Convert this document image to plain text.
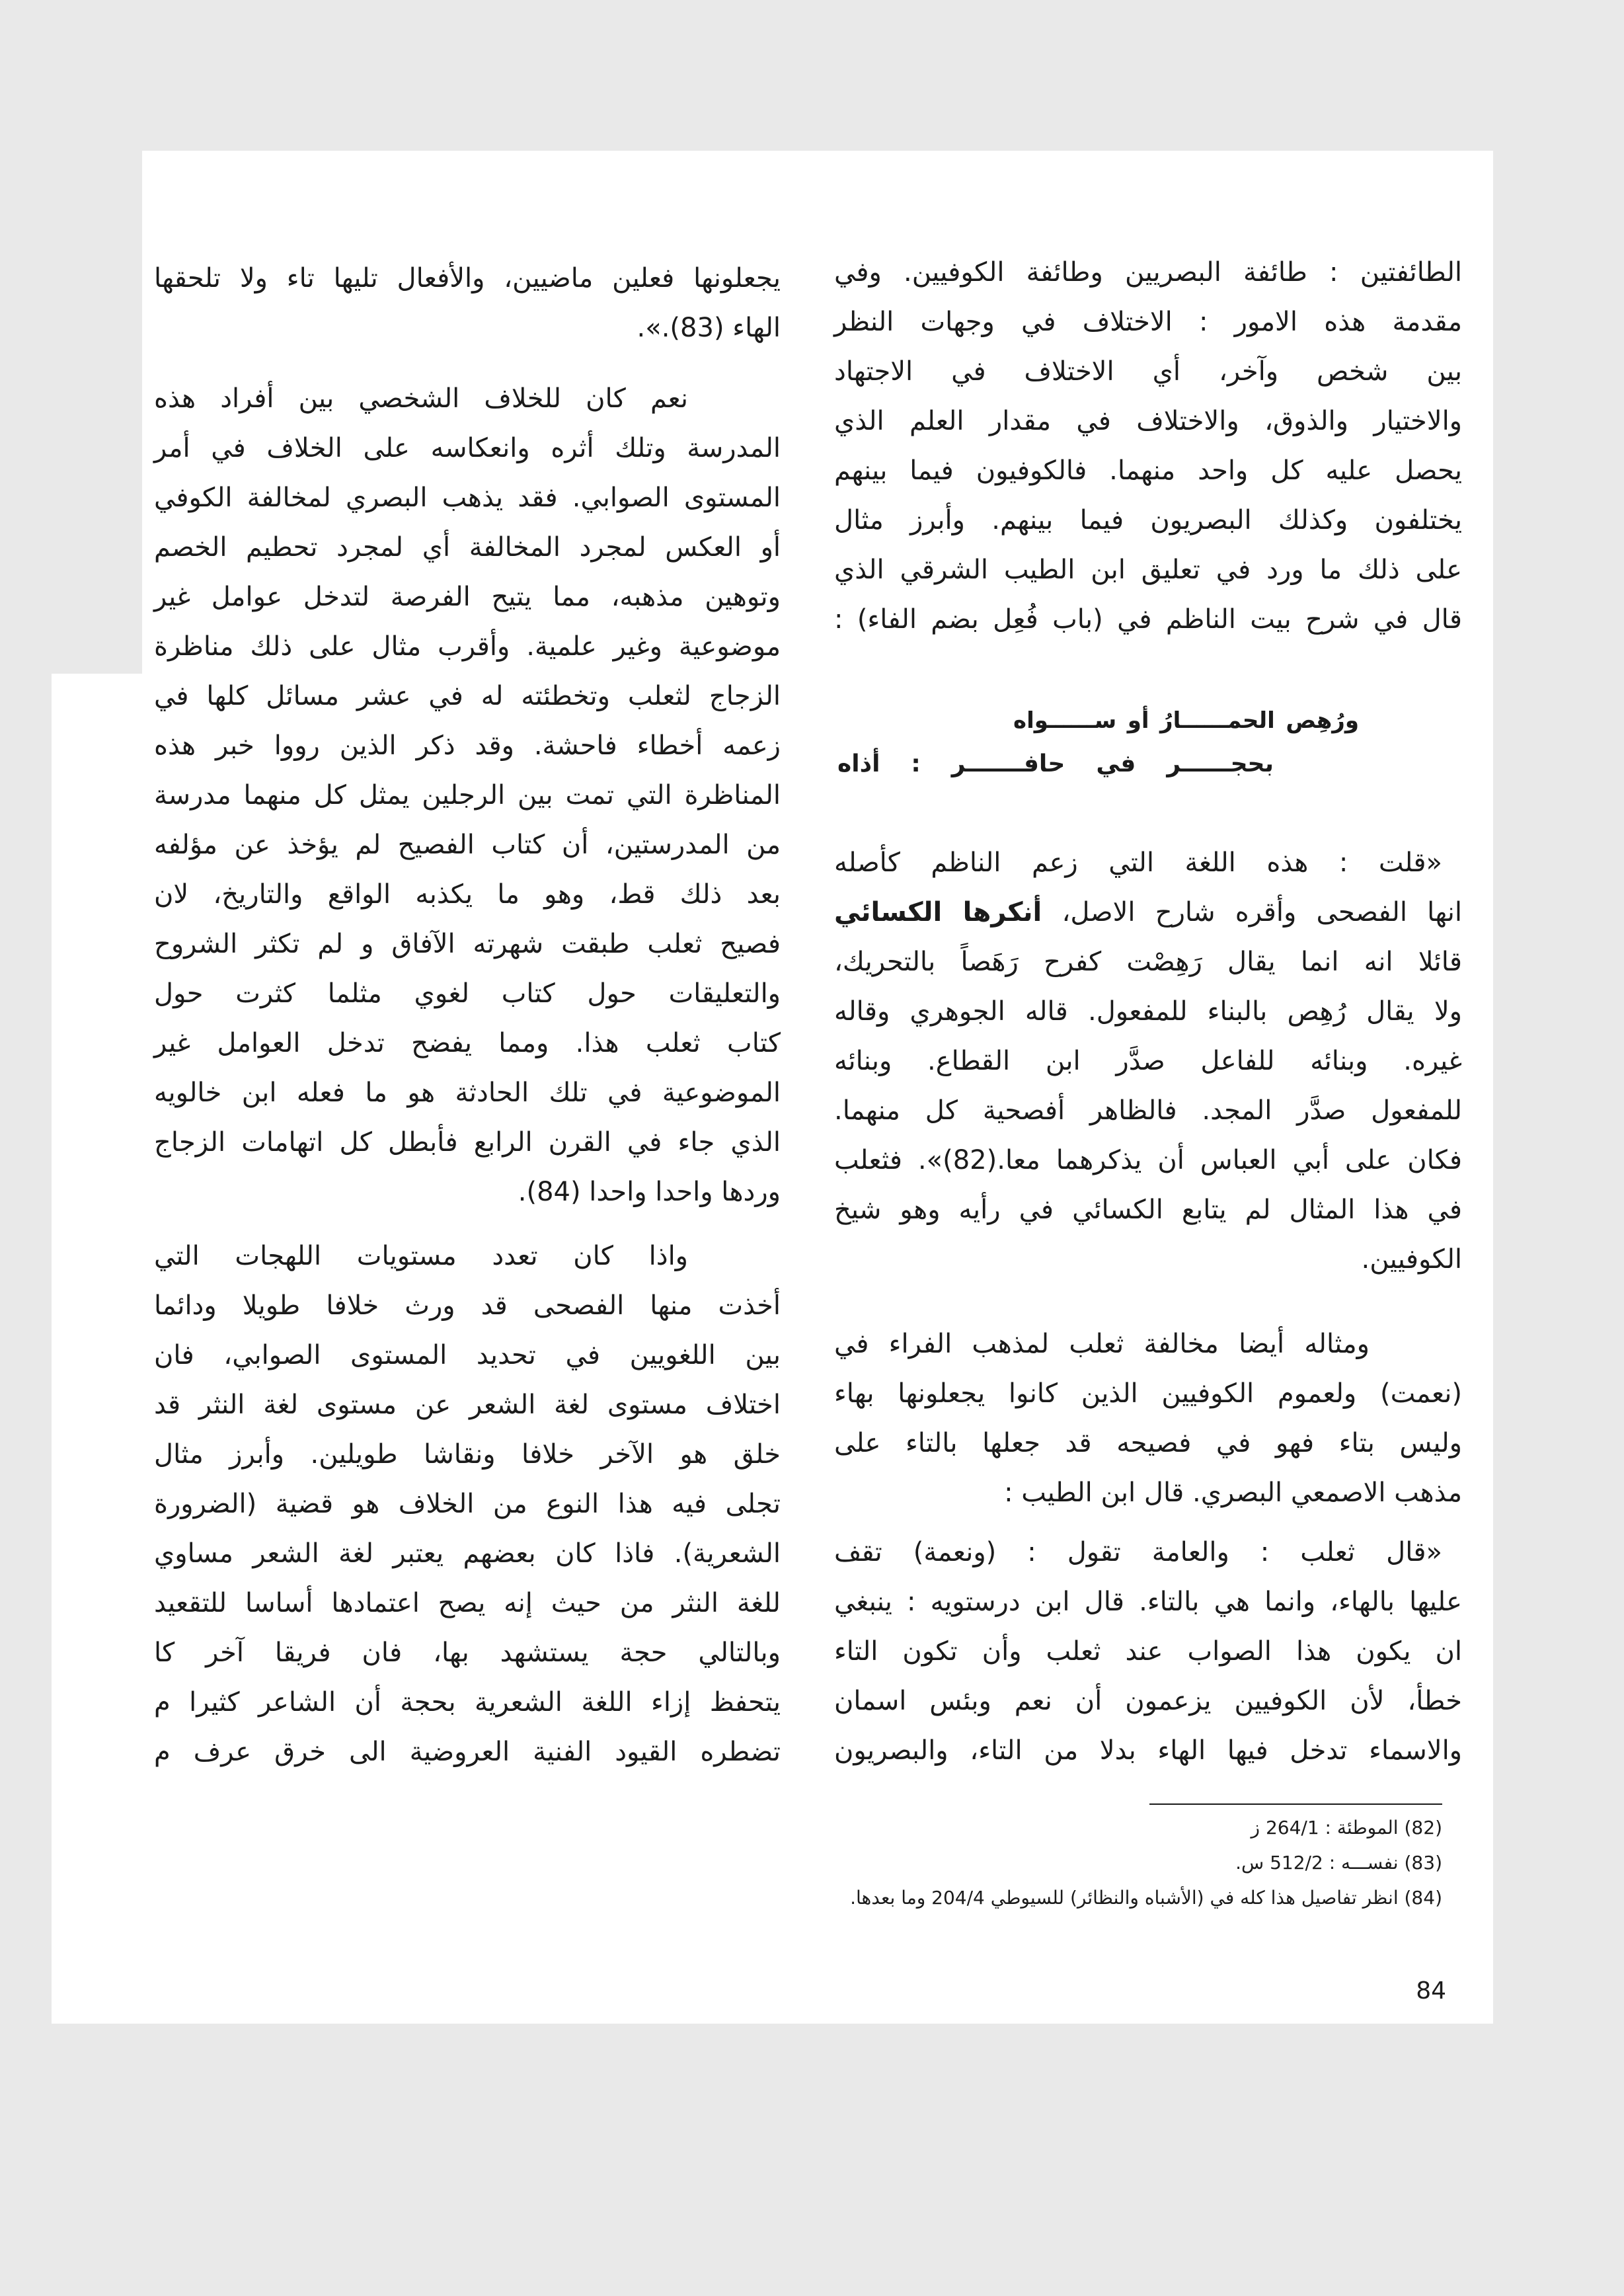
الطائفتين : طائفة البصريين وطائفة الكوفيين. وفي
مقدمة هذه الامور : الاختلاف في وجهات النظر
بين شخص وآخر، أي الاختلاف في الاجتهاد
والاختيار والذوق، والاختلاف في مقدار العلم الذي
يحصل عليه كل واحد منهما. فالكوفيون فيما بينهم
يختلفون وكذلك البصريون فيما بينهم. وأبرز مثال
على ذلك ما ورد في تعليق ابن الطيب الشرقي الذي
قال في شرح بيت الناظم في (باب فُعِل بضم الفاء) :
ورُهِص الحمــــــارُ أو ســــــواه
بحجــــــر في حافـــــــر : أذاه
«قلت : هذه اللغة التي زعم الناظم كأصله
انها الفصحى وأقره شارح الاصل، أنكرها الكسائي
قائلا انه انما يقال رَهِصْت كفرح رَهَصاً بالتحريك،
ولا يقال رُهِص بالبناء للمفعول. قاله الجوهري وقاله
غيره. وبنائه للفاعل صدَّر ابن القطاع. وبنائه
للمفعول صدَّر المجد. فالظاهر أفصحية كل منهما.
فكان على أبي العباس أن يذكرهما معا.(82)». فثعلب
في هذا المثال لم يتابع الكسائي في رأيه وهو شيخ
الكوفيين.
ومثاله أيضا مخالفة ثعلب لمذهب الفراء في
(نعمت) ولعموم الكوفيين الذين كانوا يجعلونها بهاء
وليس بتاء فهو في فصيحه قد جعلها بالتاء على
مذهب الاصمعي البصري. قال ابن الطيب :
«قال ثعلب : والعامة تقول : (ونعمة) تقف
عليها بالهاء، وانما هي بالتاء. قال ابن درستويه : ينبغي
ان يكون هذا الصواب عند ثعلب وأن تكون التاء
خطأ، لأن الكوفيين يزعمون أن نعم وبئس اسمان
والاسماء تدخل فيها الهاء بدلا من التاء، والبصريون
يجعلونها فعلين ماضيين، والأفعال تليها تاء ولا تلحقها
الهاء (83).».
نعم كان للخلاف الشخصي بين أفراد هذه
المدرسة وتلك أثره وانعكاسه على الخلاف في أمر
المستوى الصوابي. فقد يذهب البصري لمخالفة الكوفي
أو العكس لمجرد المخالفة أي لمجرد تحطيم الخصم
وتوهين مذهبه، مما يتيح الفرصة لتدخل عوامل غير
موضوعية وغير علمية. وأقرب مثال على ذلك مناظرة
الزجاج لثعلب وتخطئته له في عشر مسائل كلها في
زعمه أخطاء فاحشة. وقد ذكر الذين رووا خبر هذه
المناظرة التي تمت بين الرجلين يمثل كل منهما مدرسة
من المدرستين، أن كتاب الفصيح لم يؤخذ عن مؤلفه
بعد ذلك قط، وهو ما يكذبه الواقع والتاريخ، لان
فصيح ثعلب طبقت شهرته الآفاق و لم تكثر الشروح
والتعليقات حول كتاب لغوي مثلما كثرت حول
كتاب ثعلب هذا. ومما يفضح تدخل العوامل غير
الموضوعية في تلك الحادثة هو ما فعله ابن خالويه
الذي جاء في القرن الرابع فأبطل كل اتهامات الزجاج
وردها واحدا واحدا (84).
واذا كان تعدد مستويات اللهجات التي
أخذت منها الفصحى قد ورث خلافا طويلا ودائما
بين اللغويين في تحديد المستوى الصوابي، فان
اختلاف مستوى لغة الشعر عن مستوى لغة النثر قد
خلق هو الآخر خلافا ونقاشا طويلين. وأبرز مثال
تجلى فيه هذا النوع من الخلاف هو قضية (الضرورة
الشعرية). فاذا كان بعضهم يعتبر لغة الشعر مساوي
للغة النثر من حيث إنه يصح اعتمادها أساسا للتقعيد
وبالتالي حجة يستشهد بها، فان فريقا آخر كا
يتحفظ إزاء اللغة الشعرية بحجة أن الشاعر كثيرا م
تضطره القيود الفنية العروضية الى خرق عرف م
(82) الموطئة : 264/1 ز
(83) نفســـه : 512/2 س.
(84) انظر تفاصيل هذا كله في (الأشباه والنظائر) للسيوطي 204/4 وما بعدها.
84
